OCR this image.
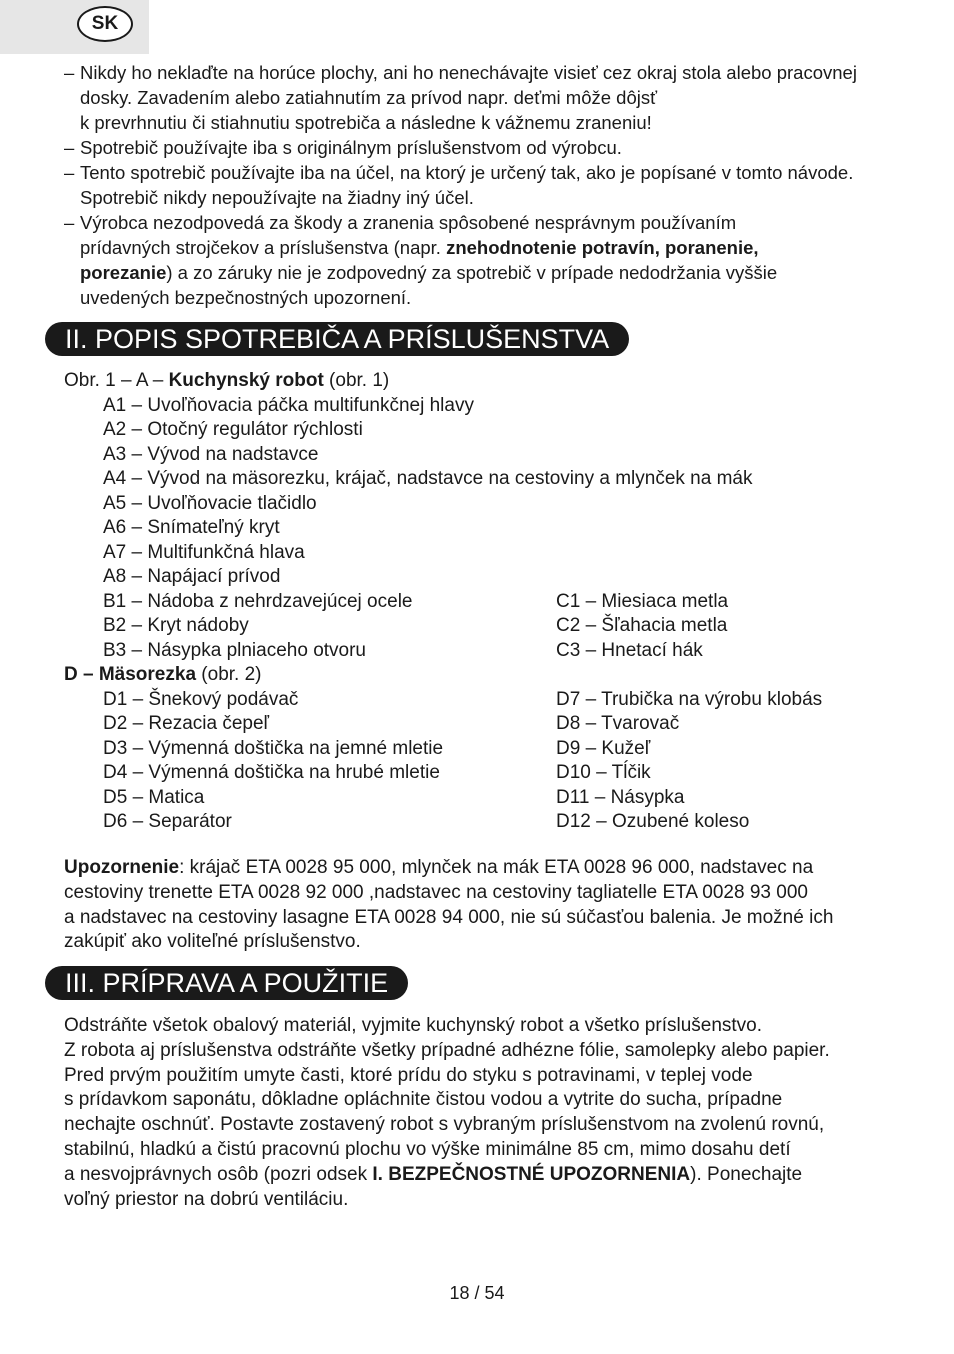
SK
– Nikdy ho neklaďte na horúce plochy, ani ho nenechávajte visieť cez okraj stola alebo pracovnej
dosky. Zavadením alebo zatiahnutím za prívod napr. deťmi môže dôjsť
k prevrhnutiu či stiahnutiu spotrebiča a následne k vážnemu zraneniu!
– Spotrebič používajte iba s originálnym príslušenstvom od výrobcu.
– Tento spotrebič používajte iba na účel, na ktorý je určený tak, ako je popísané v tomto návode.
Spotrebič nikdy nepoužívajte na žiadny iný účel.
– Výrobca nezodpovedá za škody a zranenia spôsobené nesprávnym používaním
prídavných strojčekov a príslušenstva (napr. znehodnotenie potravín, poranenie,
porezanie) a zo záruky nie je zodpovedný za spotrebič v prípade nedodržania vyššie
uvedených bezpečnostných upozornení.
II. POPIS SPOTREBIČA A PRÍSLUŠENSTVA
Obr. 1 – A – Kuchynský robot (obr. 1)
A1 – Uvoľňovacia páčka multifunkčnej hlavy
A2 – Otočný regulátor rýchlosti
A3 – Vývod na nadstavce
A4 – Vývod na mäsorezku, krájač, nadstavce na cestoviny a mlynček na mák
A5 – Uvoľňovacie tlačidlo
A6 – Snímateľný kryt
A7 – Multifunkčná hlava
A8 – Napájací prívod
B1 – Nádoba z nehrdzavejúcej ocele
B2 – Kryt nádoby
B3 – Násypka plniaceho otvoru
C1 – Miesiaca metla
C2 – Šľahacia metla
C3 – Hnetací hák
D – Mäsorezka (obr. 2)
D1 – Šnekový podávač
D2 – Rezacia čepeľ
D3 – Výmenná doštička na jemné mletie
D4 – Výmenná doštička na hrubé mletie
D5 – Matica
D6 – Separátor
D7 – Trubička na výrobu klobás
D8 – Tvarovač
D9 – Kužeľ
D10 – Tĺčik
D11 – Násypka
D12 – Ozubené koleso
Upozornenie: krájač ETA 0028 95 000, mlynček na mák ETA 0028 96 000, nadstavec na
cestoviny trenette ETA 0028 92 000 ,nadstavec na cestoviny tagliatelle ETA 0028 93 000
a nadstavec na cestoviny lasagne ETA 0028 94 000, nie sú súčasťou balenia. Je možné ich
zakúpiť ako voliteľné príslušenstvo.
III. PRÍPRAVA A POUŽITIE
Odstráňte všetok obalový materiál, vyjmite kuchynský robot a všetko príslušenstvo.
Z robota aj príslušenstva odstráňte všetky prípadné adhézne fólie, samolepky alebo papier.
Pred prvým použitím umyte časti, ktoré prídu do styku s potravinami, v teplej vode
s prídavkom saponátu, dôkladne opláchnite čistou vodou a vytrite do sucha, prípadne
nechajte oschnúť. Postavte zostavený robot s vybraným príslušenstvom na zvolenú rovnú,
stabilnú, hladkú a čistú pracovnú plochu vo výške minimálne 85 cm, mimo dosahu detí
a nesvojprávnych osôb (pozri odsek I. BEZPEČNOSTNÉ UPOZORNENIA). Ponechajte
voľný priestor na dobrú ventiláciu.
18 / 54
